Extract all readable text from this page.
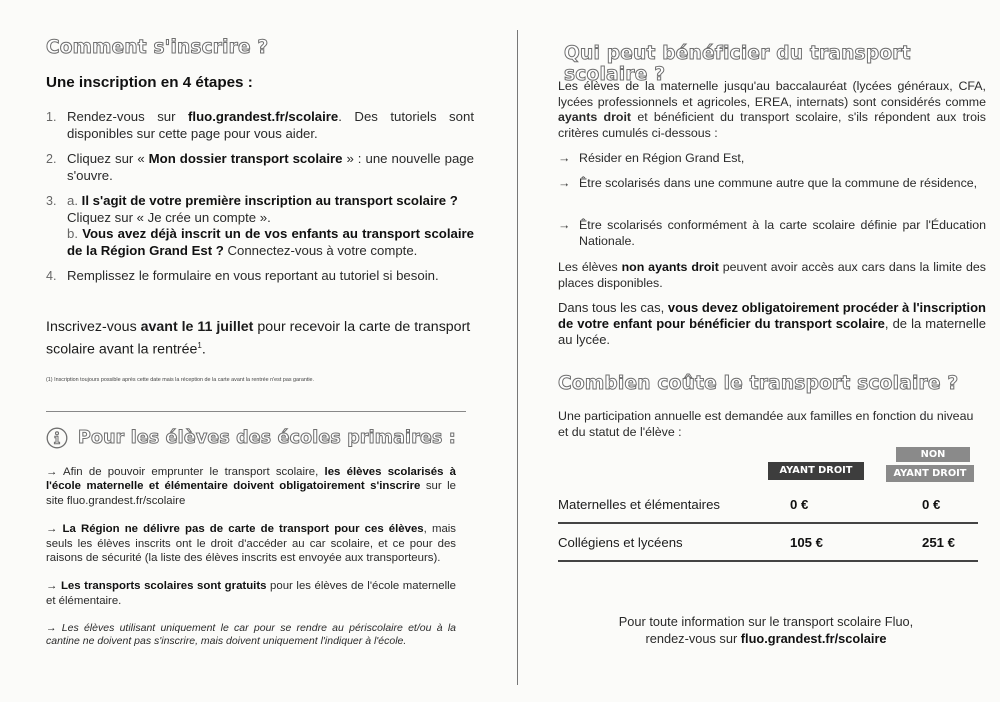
Comment s'inscrire ?
Une inscription en 4 étapes :
1. Rendez-vous sur fluo.grandest.fr/scolaire. Des tutoriels sont disponibles sur cette page pour vous aider.
2. Cliquez sur « Mon dossier transport scolaire » : une nouvelle page s'ouvre.
3. a. Il s'agit de votre première inscription au transport scolaire ?
Cliquez sur « Je crée un compte ».
b. Vous avez déjà inscrit un de vos enfants au transport scolaire de la Région Grand Est ? Connectez-vous à votre compte.
4. Remplissez le formulaire en vous reportant au tutoriel si besoin.
Inscrivez-vous avant le 11 juillet pour recevoir la carte de transport scolaire avant la rentrée$^1$.
(1) Inscription toujours possible après cette date mais la réception de la carte avant la rentrée n'est pas garantie.
Pour les élèves des écoles primaires :

→ Afin de pouvoir emprunter le transport scolaire, les élèves scolarisés à l'école maternelle et élémentaire doivent obligatoirement s'inscrire sur le site fluo.grandest.fr/scolaire

→ La Région ne délivre pas de carte de transport pour ces élèves, mais seuls les élèves inscrits ont le droit d'accéder au car scolaire, et ce pour des raisons de sécurité (la liste des élèves inscrits est envoyée aux transporteurs).

→ Les transports scolaires sont gratuits pour les élèves de l'école maternelle et élémentaire.

→ Les élèves utilisant uniquement le car pour se rendre au périscolaire et/ou à la cantine ne doivent pas s'inscrire, mais doivent uniquement l'indiquer à l'école.

Qui peut bénéficier du transport scolaire ?
Les élèves de la maternelle jusqu'au baccalauréat (lycées généraux, CFA, lycées professionnels et agricoles, EREA, internats) sont considérés comme ayants droit et bénéficient du transport scolaire, s'ils répondent aux trois critères cumulés ci-dessous :
→ Résider en Région Grand Est,
→ Être scolarisés dans une commune autre que la commune de résidence,
→ Être scolarisés conformément à la carte scolaire définie par l'Éducation Nationale.
Les élèves non ayants droit peuvent avoir accès aux cars dans la limite des places disponibles.
Dans tous les cas, vous devez obligatoirement procéder à l'inscription de votre enfant pour bénéficier du transport scolaire, de la maternelle au lycée.
Combien coûte le transport scolaire ?
Une participation annuelle est demandée aux familles en fonction du niveau et du statut de l'élève :
AYANT DROIT
NON
AYANT DROIT
Maternelles et élémentaires	0 €	0 €
Collégiens et lycéens	105 €	251 €
Pour toute information sur le transport scolaire Fluo,
rendez-vous sur fluo.grandest.fr/scolaire
